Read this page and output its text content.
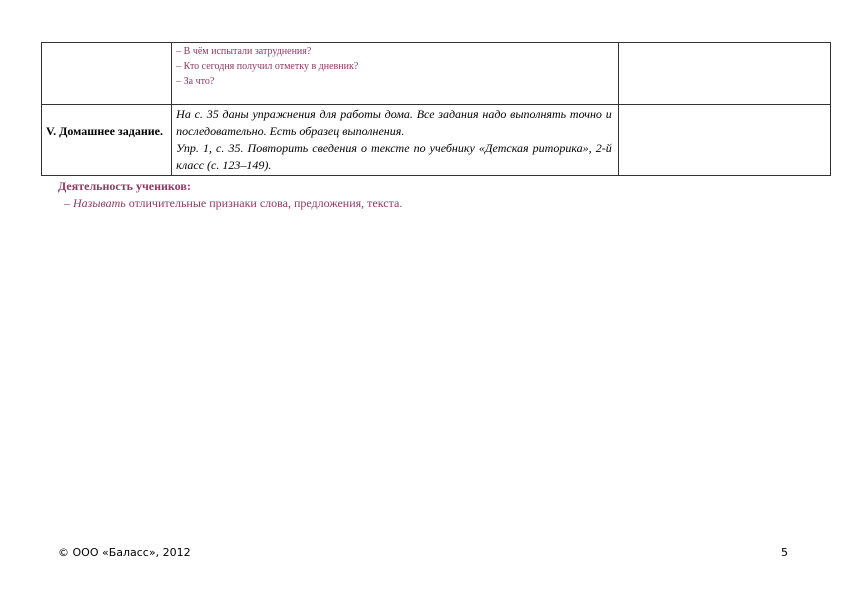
	– В чём испытали затруднения?
– Кто сегодня получил отметку в дневник?
– За что?	

V. Домашнее задание.	На с. 35 даны упражнения для работы дома. Все задания надо выполнять точно и последовательно. Есть образец выполнения.
Упр. 1, с. 35. Повторить сведения о тексте по учебнику «Детская риторика», 2-й класс (с. 123–149).	

Деятельность учеников:
– Называть отличительные признаки слова, предложения, текста.
© ООО «Баласс», 2012	5
